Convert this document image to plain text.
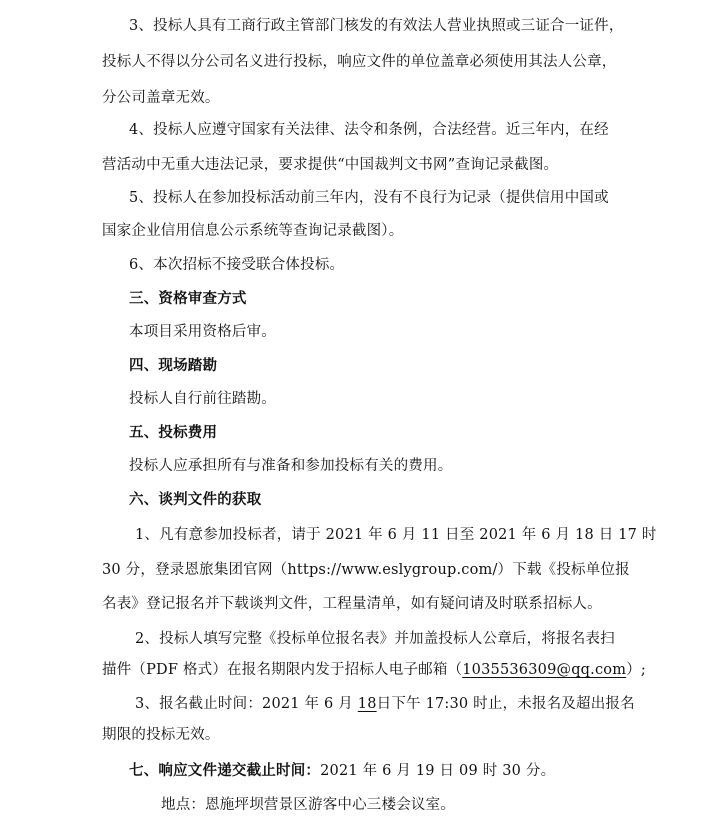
3、投标人具有工商行政主管部门核发的有效法人营业执照或三证合一证件，
投标人不得以分公司名义进行投标，响应文件的单位盖章必须使用其法人公章，
分公司盖章无效。
4、投标人应遵守国家有关法律、法令和条例，合法经营。近三年内，在经
营活动中无重大违法记录，要求提供“中国裁判文书网”查询记录截图。
5、投标人在参加投标活动前三年内，没有不良行为记录（提供信用中国或
国家企业信用信息公示系统等查询记录截图）。
6、本次招标不接受联合体投标。
三、资格审查方式
本项目采用资格后审。
四、现场踏勘
投标人自行前往踏勘。
五、投标费用
投标人应承担所有与准备和参加投标有关的费用。
六、谈判文件的获取
1、凡有意参加投标者，请于 2021 年 6 月 11 日至 2021 年 6 月 18 日 17 时
30 分，登录恩旅集团官网（https://www.eslygroup.com/）下载《投标单位报
名表》登记报名并下载谈判文件，工程量清单，如有疑问请及时联系招标人。
2、投标人填写完整《投标单位报名表》并加盖投标人公章后，将报名表扫
描件（PDF 格式）在报名期限内发于招标人电子邮箱（1035536309@qq.com）;
3、报名截止时间：2021 年 6 月 18日下午 17:30 时止，未报名及超出报名
期限的投标无效。
七、响应文件递交截止时间：2021 年 6 月 19 日 09 时 30 分。
地点：恩施坪坝营景区游客中心三楼会议室。
